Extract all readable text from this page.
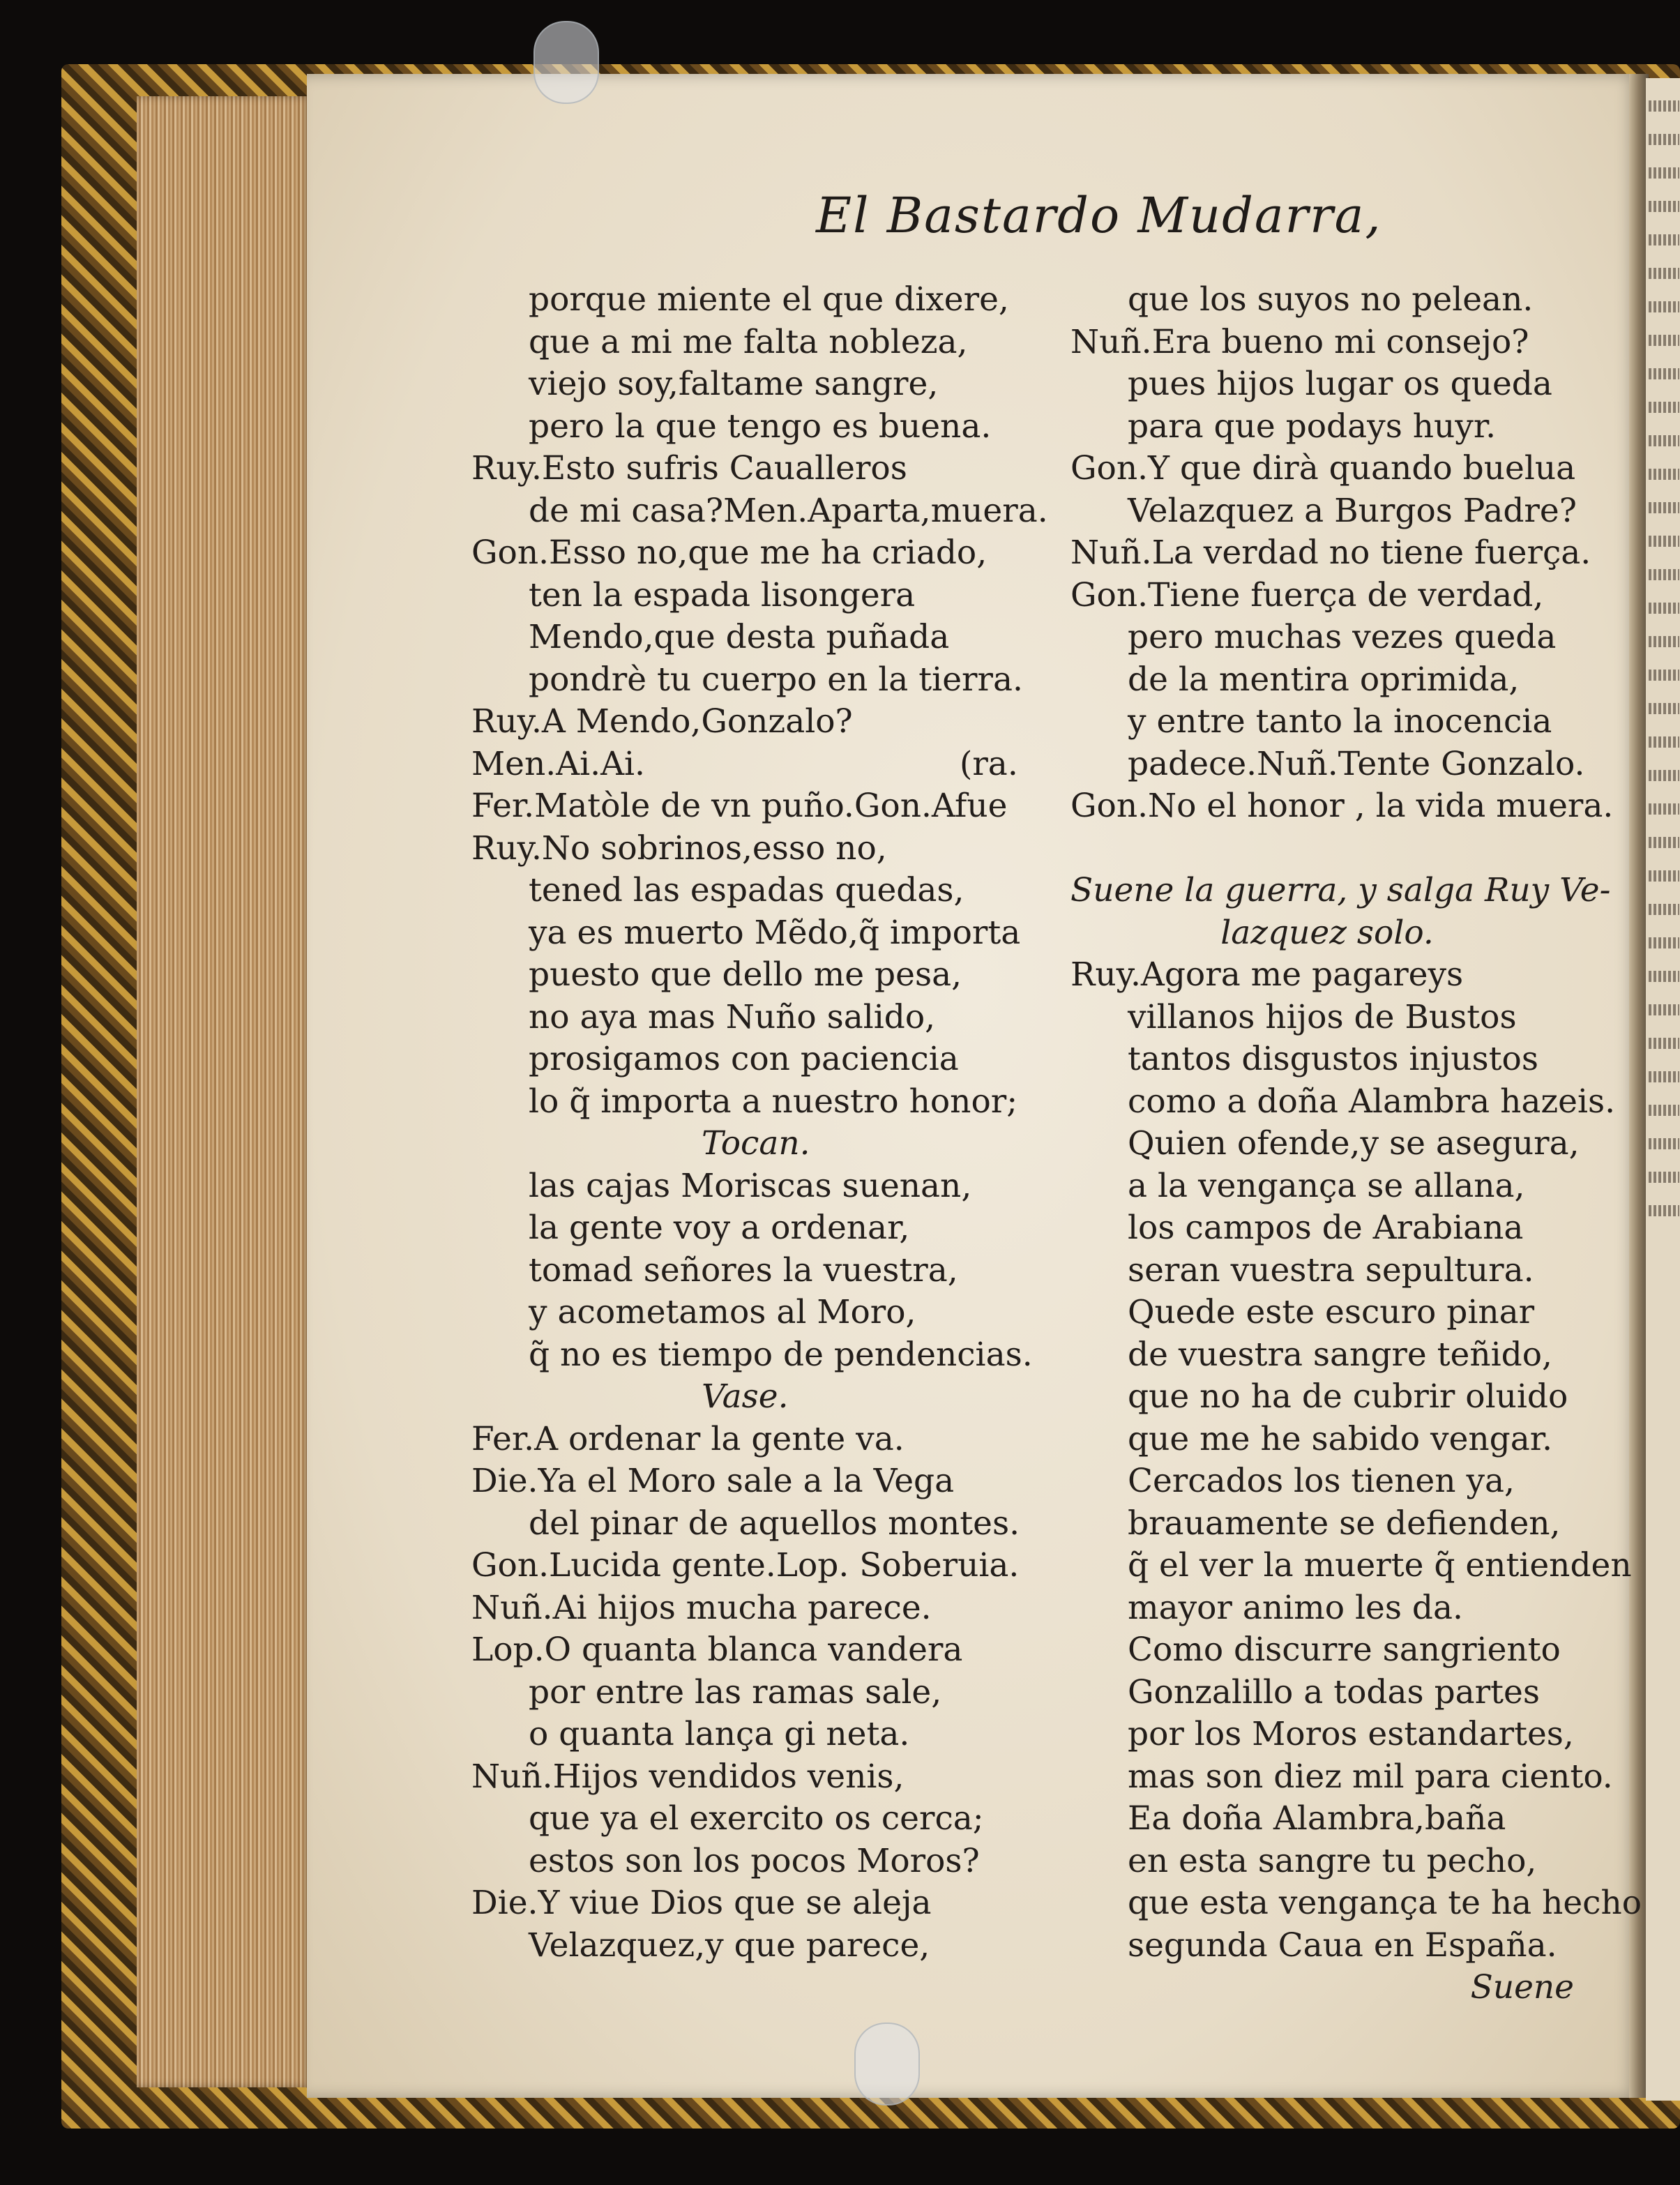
El Bastardo Mudarra,
porque miente el que dixere,
que a mi me falta nobleza,
viejo soy,faltame sangre,
pero la que tengo es buena.
Ruy.Esto sufris Caualleros
de mi casa?Men.Aparta,muera.
Gon.Esso no,que me ha criado,
ten la espada lisongera
Mendo,que desta puñada
pondrè tu cuerpo en la tierra.
Ruy.A Mendo,Gonzalo?
Men.Ai.Ai.	(ra.
Fer.Matòle de vn puño.Gon.Afue
Ruy.No sobrinos,esso no,
tened las espadas quedas,
ya es muerto Mẽdo,q̃ importa
puesto que dello me pesa,
no aya mas Nuño salido,
prosigamos con paciencia
lo q̃ importa a nuestro honor;
Tocan.
las cajas Moriscas suenan,
la gente voy a ordenar,
tomad señores la vuestra,
y acometamos al Moro,
q̃ no es tiempo de pendencias.
Vase.
Fer.A ordenar la gente va.
Die.Ya el Moro sale a la Vega
del pinar de aquellos montes.
Gon.Lucida gente.Lop. Soberuia.
Nuñ.Ai hijos mucha parece.
Lop.O quanta blanca vandera
por entre las ramas sale,
o quanta lança gi neta.
Nuñ.Hijos vendidos venis,
que ya el exercito os cerca;
estos son los pocos Moros?
Die.Y viue Dios que se aleja
Velazquez,y que parece,
que los suyos no pelean.
Nuñ.Era bueno mi consejo?
pues hijos lugar os queda
para que podays huyr.
Gon.Y que dirà quando buelua
Velazquez a Burgos Padre?
Nuñ.La verdad no tiene fuerça.
Gon.Tiene fuerça de verdad,
pero muchas vezes queda
de la mentira oprimida,
y entre tanto la inocencia
padece.Nuñ.Tente Gonzalo.
Gon.No el honor , la vida muera.
Suene la guerra, y salga Ruy Ve-
lazquez solo.
Ruy.Agora me pagareys
villanos hijos de Bustos
tantos disgustos injustos
como a doña Alambra hazeis.
Quien ofende,y se asegura,
a la vengança se allana,
los campos de Arabiana
seran vuestra sepultura.
Quede este escuro pinar
de vuestra sangre teñido,
que no ha de cubrir oluido
que me he sabido vengar.
Cercados los tienen ya,
brauamente se defienden,
q̃ el ver la muerte q̃ entienden
mayor animo les da.
Como discurre sangriento
Gonzalillo a todas partes
por los Moros estandartes,
mas son diez mil para ciento.
Ea doña Alambra,baña
en esta sangre tu pecho,
que esta vengança te ha hecho
segunda Caua en España.
Suene
